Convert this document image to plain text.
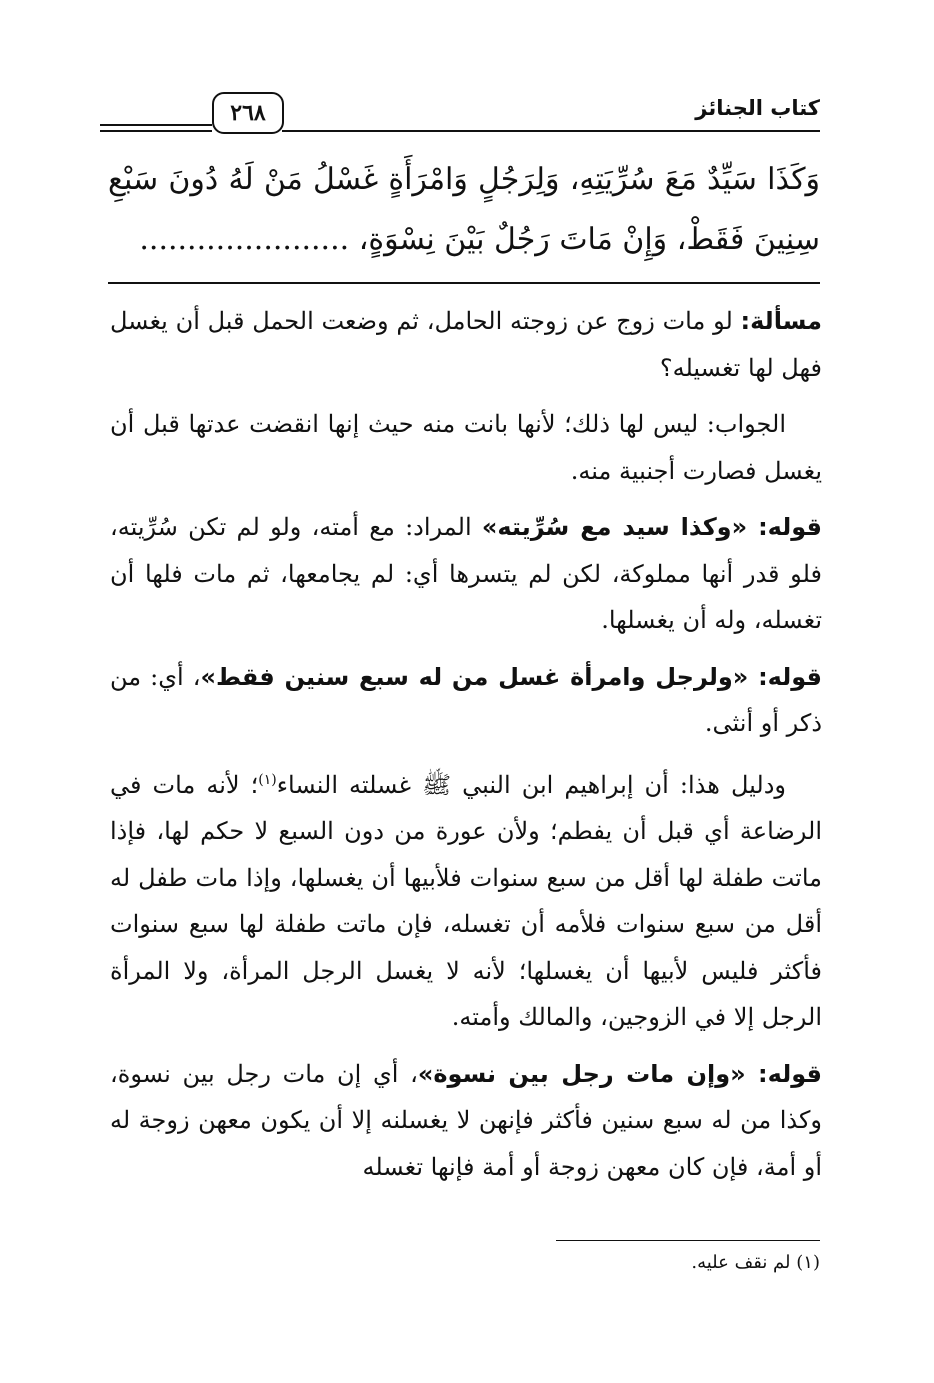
٢٦٨	كتاب الجنائز
وَكَذَا سَيِّدٌ مَعَ سُرِّيَتِهِ، وَلِرَجُلٍ وَامْرَأَةٍ غَسْلُ مَنْ لَهُ دُونَ سَبْعِ سِنِينَ فَقَطْ، وَإِنْ مَاتَ رَجُلٌ بَيْنَ نِسْوَةٍ، ......................

مسألة: لو مات زوج عن زوجته الحامل، ثم وضعت الحمل قبل أن يغسل فهل لها تغسيله؟

الجواب: ليس لها ذلك؛ لأنها بانت منه حيث إنها انقضت عدتها قبل أن يغسل فصارت أجنبية منه.

قوله: «وكذا سيد مع سُرِّيته» المراد: مع أمته، ولو لم تكن سُرِّيته، فلو قدر أنها مملوكة، لكن لم يتسرها أي: لم يجامعها، ثم مات فلها أن تغسله، وله أن يغسلها.

قوله: «ولرجل وامرأة غسل من له سبع سنين فقط»، أي: من ذكر أو أنثى.

ودليل هذا: أن إبراهيم ابن النبي ﷺ غسلته النساء$^{(١)}$؛ لأنه مات في الرضاعة أي قبل أن يفطم؛ ولأن عورة من دون السبع لا حكم لها، فإذا ماتت طفلة لها أقل من سبع سنوات فلأبيها أن يغسلها، وإذا مات طفل له أقل من سبع سنوات فلأمه أن تغسله، فإن ماتت طفلة لها سبع سنوات فأكثر فليس لأبيها أن يغسلها؛ لأنه لا يغسل الرجل المرأة، ولا المرأة الرجل إلا في الزوجين، والمالك وأمته.

قوله: «وإن مات رجل بين نسوة»، أي إن مات رجل بين نسوة، وكذا من له سبع سنين فأكثر فإنهن لا يغسلنه إلا أن يكون معهن زوجة له أو أمة، فإن كان معهن زوجة أو أمة فإنها تغسله

(١) لم نقف عليه.
